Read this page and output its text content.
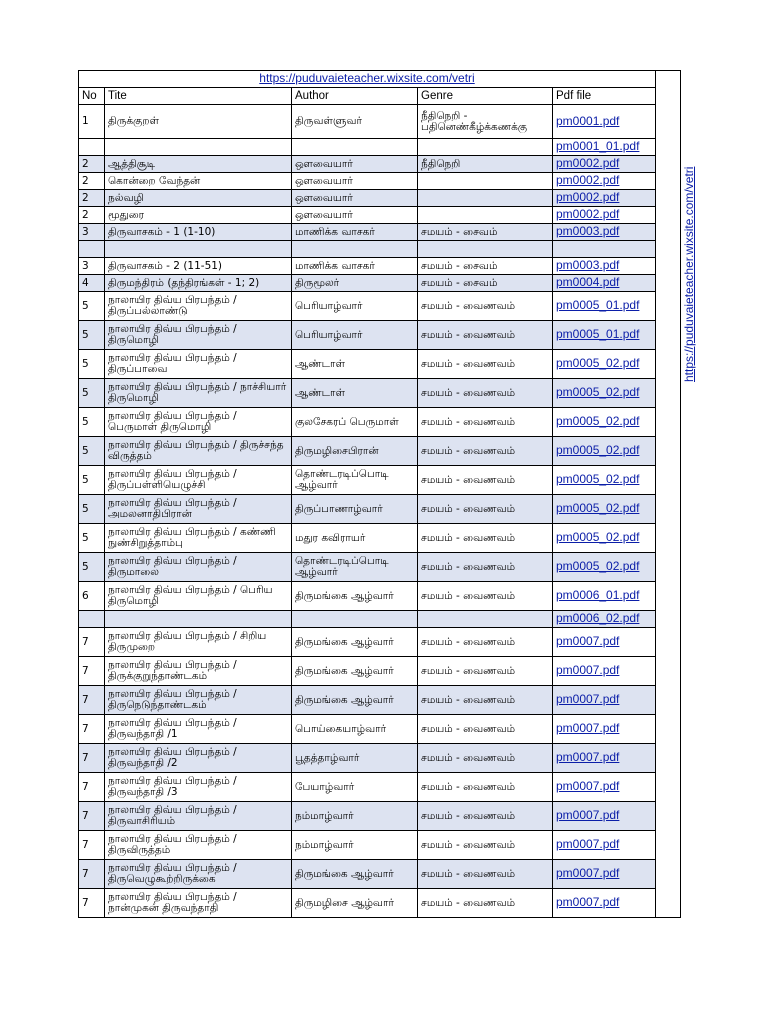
https://puduvaieteacher.wixsite.com/vetri					
No	Tite	Author	Genre	Pdf file	
1	திருக்குறள்	திருவள்ளுவர்	நீதிநெறி - பதினெண்கீழ்க்கணக்கு	pm0001.pdf	
				pm0001_01.pdf	
2	ஆத்திசூடி	ஔவையார்	நீதிநெறி	pm0002.pdf	
2	கொன்றை வேந்தன்	ஔவையார்		pm0002.pdf	
2	நல்வழி	ஔவையார்		pm0002.pdf	
2	மூதுரை	ஔவையார்		pm0002.pdf	
3	திருவாசகம் - 1 (1-10)	மாணிக்க வாசகர்	சமயம் - சைவம்	pm0003.pdf	

3	திருவாசகம் - 2 (11-51)	மாணிக்க வாசகர்	சமயம் - சைவம்	pm0003.pdf	
4	திருமந்திரம் (தந்திரங்கள் - 1; 2)	திருமூலர்	சமயம் - சைவம்	pm0004.pdf	
5	நாலாயிர திவ்ய பிரபந்தம் / திருப்பல்லாண்டு	பெரியாழ்வார்	சமயம் - வைணவம்	pm0005_01.pdf	
5	நாலாயிர திவ்ய பிரபந்தம் / திருமொழி	பெரியாழ்வார்	சமயம் - வைணவம்	pm0005_01.pdf	
5	நாலாயிர திவ்ய பிரபந்தம் / திருப்பாவை	ஆண்டாள்	சமயம் - வைணவம்	pm0005_02.pdf	
5	நாலாயிர திவ்ய பிரபந்தம் / நாச்சியார் திருமொழி	ஆண்டாள்	சமயம் - வைணவம்	pm0005_02.pdf	
5	நாலாயிர திவ்ய பிரபந்தம் / பெருமாள் திருமொழி	குலசேகரப் பெருமாள்	சமயம் - வைணவம்	pm0005_02.pdf	
5	நாலாயிர திவ்ய பிரபந்தம் / திருச்சந்த விருத்தம்	திருமழிசைபிரான்	சமயம் - வைணவம்	pm0005_02.pdf	
5	நாலாயிர திவ்ய பிரபந்தம் / திருப்பள்ளியெழுச்சி	தொண்டரடிப்பொடி ஆழ்வார்	சமயம் - வைணவம்	pm0005_02.pdf	
5	நாலாயிர திவ்ய பிரபந்தம் / அமலனாதிபிரான்	திருப்பாணாழ்வார்	சமயம் - வைணவம்	pm0005_02.pdf	
5	நாலாயிர திவ்ய பிரபந்தம் / கண்ணி நுண்சிறுத்தாம்பு	மதுர கவிராயர்	சமயம் - வைணவம்	pm0005_02.pdf	
5	நாலாயிர திவ்ய பிரபந்தம் / திருமாலை	தொண்டரடிப்பொடி ஆழ்வார்	சமயம் - வைணவம்	pm0005_02.pdf	
6	நாலாயிர திவ்ய பிரபந்தம் / பெரிய திருமொழி	திருமங்கை ஆழ்வார்	சமயம் - வைணவம்	pm0006_01.pdf	
				pm0006_02.pdf	
7	நாலாயிர திவ்ய பிரபந்தம் / சிறிய திருமுறை	திருமங்கை ஆழ்வார்	சமயம் - வைணவம்	pm0007.pdf	
7	நாலாயிர திவ்ய பிரபந்தம் / திருக்குறுந்தாண்டகம்	திருமங்கை ஆழ்வார்	சமயம் - வைணவம்	pm0007.pdf	
7	நாலாயிர திவ்ய பிரபந்தம் / திருநெடுந்தாண்டகம்	திருமங்கை ஆழ்வார்	சமயம் - வைணவம்	pm0007.pdf	
7	நாலாயிர திவ்ய பிரபந்தம் / திருவந்தாதி /1	பொய்கையாழ்வார்	சமயம் - வைணவம்	pm0007.pdf	
7	நாலாயிர திவ்ய பிரபந்தம் / திருவந்தாதி /2	பூதத்தாழ்வார்	சமயம் - வைணவம்	pm0007.pdf	
7	நாலாயிர திவ்ய பிரபந்தம் / திருவந்தாதி /3	பேயாழ்வார்	சமயம் - வைணவம்	pm0007.pdf	
7	நாலாயிர திவ்ய பிரபந்தம் / திருவாசிரியம்	நம்மாழ்வார்	சமயம் - வைணவம்	pm0007.pdf	
7	நாலாயிர திவ்ய பிரபந்தம் / திருவிருத்தம்	நம்மாழ்வார்	சமயம் - வைணவம்	pm0007.pdf	
7	நாலாயிர திவ்ய பிரபந்தம் / திருவெழுகூற்றிருக்கை	திருமங்கை ஆழ்வார்	சமயம் - வைணவம்	pm0007.pdf	
7	நாலாயிர திவ்ய பிரபந்தம் / நான்முகன் திருவந்தாதி	திருமழிசை ஆழ்வார்	சமயம் - வைணவம்	pm0007.pdf	
https://puduvaieteacher.wixsite.com/vetri
